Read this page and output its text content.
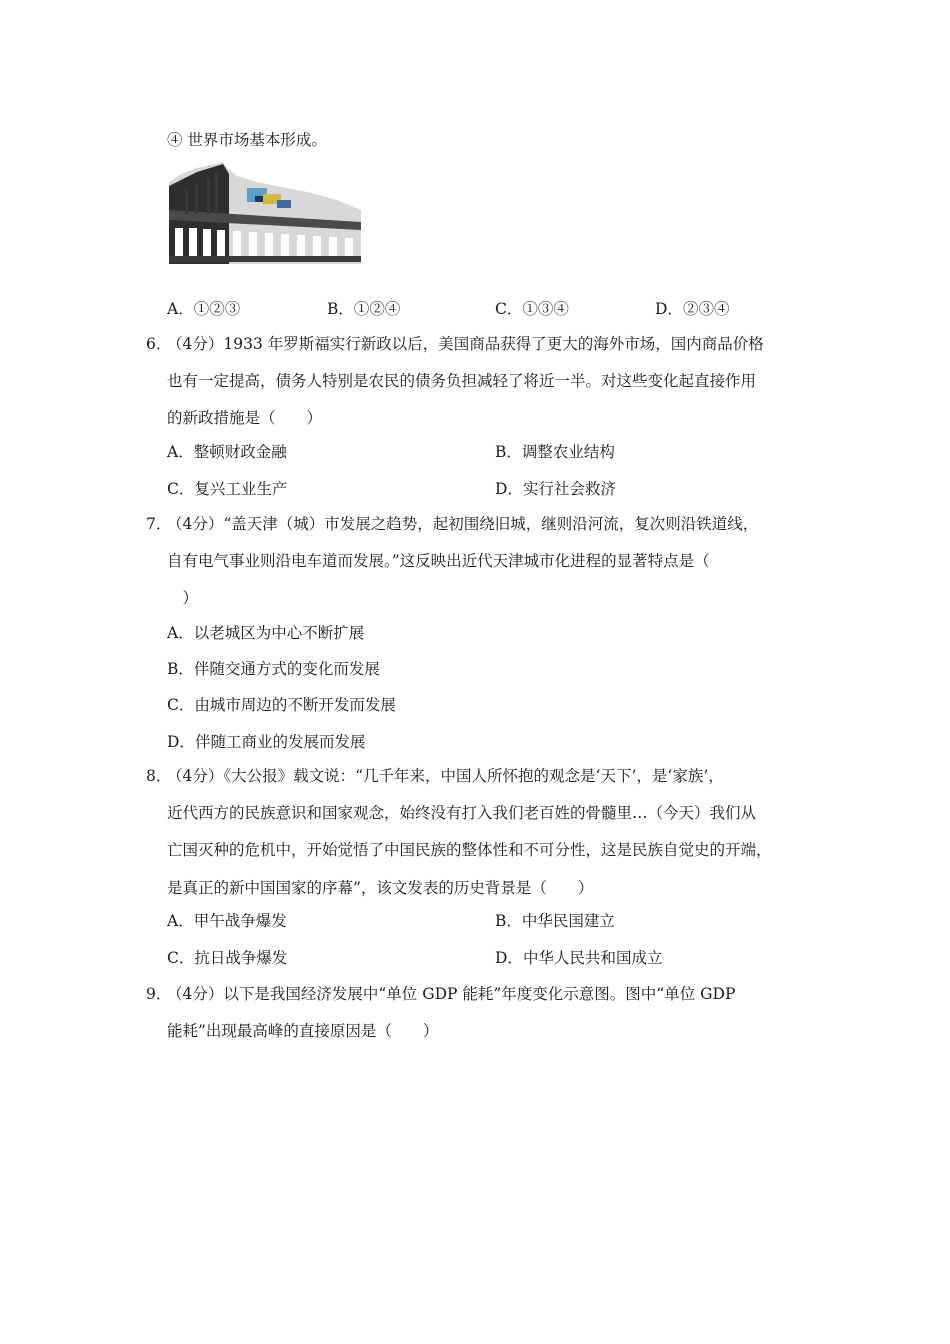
④ 世界市场基本形成。
A．①②③	B．①②④	C．①③④	D．②③④
6．
（4分）1933 年罗斯福实行新政以后，美国商品获得了更大的海外市场，国内商品价格
也有一定提高，债务人特别是农民的债务负担减轻了将近一半。对这些变化起直接作用
的新政措施是（　　）
A．整顿财政金融	B．调整农业结构
C．复兴工业生产	D．实行社会救济
7．
（4分）“盖天津（城）市发展之趋势，起初围绕旧城，继则沿河流，复次则沿铁道线，
自有电气事业则沿电车道而发展。”这反映出近代天津城市化进程的显著特点是（
　）
A．以老城区为中心不断扩展
B．伴随交通方式的变化而发展
C．由城市周边的不断开发而发展
D．伴随工商业的发展而发展
8．
（4分）《大公报》载文说：“几千年来，中国人所怀抱的观念是‘天下’，是‘家族’，
近代西方的民族意识和国家观念，始终没有打入我们老百姓的骨髓里…（今天）我们从
亡国灭种的危机中，开始觉悟了中国民族的整体性和不可分性，这是民族自觉史的开端，
是真正的新中国国家的序幕”，该文发表的历史背景是（　　）
A．甲午战争爆发	B．中华民国建立
C．抗日战争爆发	D．中华人民共和国成立
9．
（4分）以下是我国经济发展中“单位 GDP 能耗”年度变化示意图。图中“单位 GDP
能耗”出现最高峰的直接原因是（　　）
